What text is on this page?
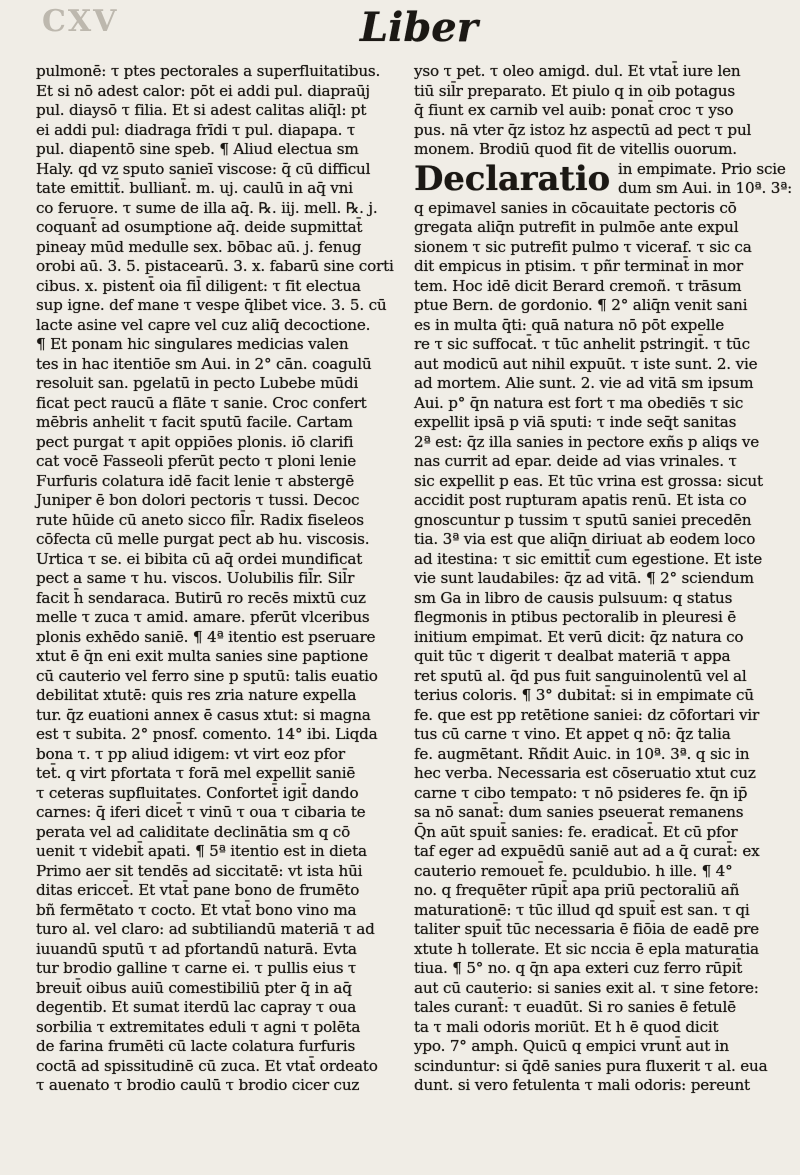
CXV	Liber
pulmonē: τ ptes pectorales a superfluitatibus.
Et si nō adest calor: pōt ei addi pul. diapraūj
pul. diaysō τ filia. Et si adest calitas aliq̄l: pt
ei addi pul: diadraga frīdi τ pul. diapapa. τ
pul. diapentō sine speb. ¶ Aliud electua sm
Haly. qd vz sputo sanieī viscose: q̄ cū difficul
tate emittit̄. bulliant̄. m. uj. caulū in aq̄ vni
co feruore. τ sume de illa aq̄. ℞. iij. mell. ℞. j.
coquant̄ ad osumptione aq̄. deide supmittat̄
pineay mūd medulle sex. bōbac aū. j. fenug
orobi aū. 3. 5. pistacearū. 3. x. fabarū sine corti
cibus. x. pistent̄ oia fil̄ diligent: τ fit electua
sup igne. def mane τ vespe q̄libet vice. 3. 5. cū
lacte asine vel capre vel cuz aliq̄ decoctione.
¶ Et ponam hic singulares medicias valen
tes in hac itentiōe sm Aui. in 2° cān. coagulū
resoluit san. pgelatū in pecto Lubebe mūdi
ficat pect raucū a flāte τ sanie. Croc confert
mēbris anhelit τ facit sputū facile. Cartam
pect purgat τ apit oppiōes plonis. iō clarifi
cat vocē Fasseoli pferūt pecto τ ploni lenie
Furfuris colatura idē facit lenie τ abstergē
Juniper ē bon dolori pectoris τ tussi. Decoc
rute hūide cū aneto sicco fil̄r. Radix fiseleos
cōfecta cū melle purgat pect ab hu. viscosis.
Urtica τ se. ei bibita cū aq̄ ordei mundificat
pect a same τ hu. viscos. Uolubilis fil̄r. Sil̄r
facit h̄ sendaraca. Butirū ro recēs mixtū cuz
melle τ zuca τ amid. amare. pferūt vlceribus
plonis exhēdo saniē. ¶ 4ª itentio est pseruare
xtut ē q̄n eni exit multa sanies sine paptione
cū cauterio vel ferro sine p sputū: talis euatio
debilitat xtutē: quis res zria nature expella
tur. q̄z euationi annex ē casus xtut: si magna
est τ subita. 2° pnosf. comento. 14° ibi. Liqda
bona τ. τ pp aliud idigem: vt virt eoz pfor
tet̄. q virt pfortata τ forā mel expellit saniē
τ ceteras supfluitates. Confortet̄ igit̄ dando
carnes: q̄ iferi dicet̄ τ vinū τ oua τ cibaria te
perata vel ad caliditate declinātia sm q cō
uenit τ videbit̄ apati. ¶ 5ª itentio est in dieta
Primo aer sit tendēs ad siccitatē: vt ista hūi
ditas ericcet̄. Et vtat̄ pane bono de frumēto
bñ fermētato τ cocto. Et vtat̄ bono vino ma
turo al. vel claro: ad subtiliandū materiā τ ad
iuuandū sputū τ ad pfortandū naturā. Evta
tur brodio galline τ carne ei. τ pullis eius τ
breuit̄ oibus auiū comestibiliū pter q̄ in aq̄
degentib. Et sumat iterdū lac capray τ oua
sorbilia τ extremitates eduli τ agni τ polēta
de farina frumēti cū lacte colatura furfuris
coctā ad spissitudinē cū zuca. Et vtat̄ ordeato
τ auenato τ brodio caulū τ brodio cicer cuz
yso τ pet. τ oleo amigd. dul. Et vtat̄ iure len
tiū sil̄r preparato. Et piulo q in oib potagus
q̄ fiunt ex carnib vel auib: ponat̄ croc τ yso
pus. nā vter q̄z istoz hz aspectū ad pect τ pul
monem. Brodiū quod fit de vitellis ouorum.
Declaratio in empimate. Prio scie
dum sm Aui. in 10ª. 3ª:
q epimavel sanies in cōcauitate pectoris cō
gregata aliq̄n putrefit in pulmōe ante expul
sionem τ sic putrefit pulmo τ viceraf. τ sic ca
dit empicus in ptisim. τ pñr terminat̄ in mor
tem. Hoc idē dicit Berard cremoñ. τ trāsum
ptue Bern. de gordonio. ¶ 2° aliq̄n venit sani
es in multa q̄ti: quā natura nō pōt expelle
re τ sic suffocat̄. τ tūc anhelit pstringit̄. τ tūc
aut modicū aut nihil expuūt. τ iste sunt. 2. vie
ad mortem. Alie sunt. 2. vie ad vitā sm ipsum
Aui. p° q̄n natura est fort τ ma obediēs τ sic
expellit ipsā p viā sputi: τ inde seq̄t sanitas
2ª est: q̄z illa sanies in pectore exñs p aliqs ve
nas currit ad epar. deide ad vias vrinales. τ
sic expellit p eas. Et tūc vrina est grossa: sicut
accidit post rupturam apatis renū. Et ista co
gnoscuntur p tussim τ sputū saniei precedēn
tia. 3ª via est que aliq̄n diriuat ab eodem loco
ad itestina: τ sic emittit̄ cum egestione. Et iste
vie sunt laudabiles: q̄z ad vitā. ¶ 2° sciendum
sm Ga in libro de causis pulsuum: q status
flegmonis in ptibus pectoralib in pleuresi ē
initium empimat. Et verū dicit: q̄z natura co
quit tūc τ digerit τ dealbat materiā τ appa
ret sputū al. q̄d pus fuit sanguinolentū vel al
terius coloris. ¶ 3° dubitat̄: si in empimate cū
fe. que est pp retētione saniei: dz cōfortari vir
tus cū carne τ vino. Et appet q nō: q̄z talia
fe. augmētant. Rñdit Auic. in 10ª. 3ª. q sic in
hec verba. Necessaria est cōseruatio xtut cuz
carne τ cibo tempato: τ nō psideres fe. q̄n ip̄
sa nō sanat̄: dum sanies pseuerat remanens
Q̄n aūt spuit̄ sanies: fe. eradicat̄. Et cū pfor
taf eger ad expuēdū saniē aut ad a q̄ curat̄: ex
cauterio remouet̄ fe. pculdubio. h ille. ¶ 4°
no. q frequēter rūpit̄ apa priū pectoraliū añ
maturationē: τ tūc illud qd spuit̄ est san. τ qi
taliter spuit̄ tūc necessaria ē fiōia de eadē pre
xtute h tollerate. Et sic nccia ē epla maturatia
tiua. ¶ 5° no. q q̄n apa exteri cuz ferro rūpit̄
aut cū cauterio: si sanies exit al. τ sine fetore:
tales curant̄: τ euadūt. Si ro sanies ē fetulē
ta τ mali odoris moriūt. Et h ē quod dicit
ypo. 7° amph. Quicū q empici vrunt̄ aut in
scinduntur: si q̄dē sanies pura fluxerit τ al. eua
dunt. si vero fetulenta τ mali odoris: pereunt
